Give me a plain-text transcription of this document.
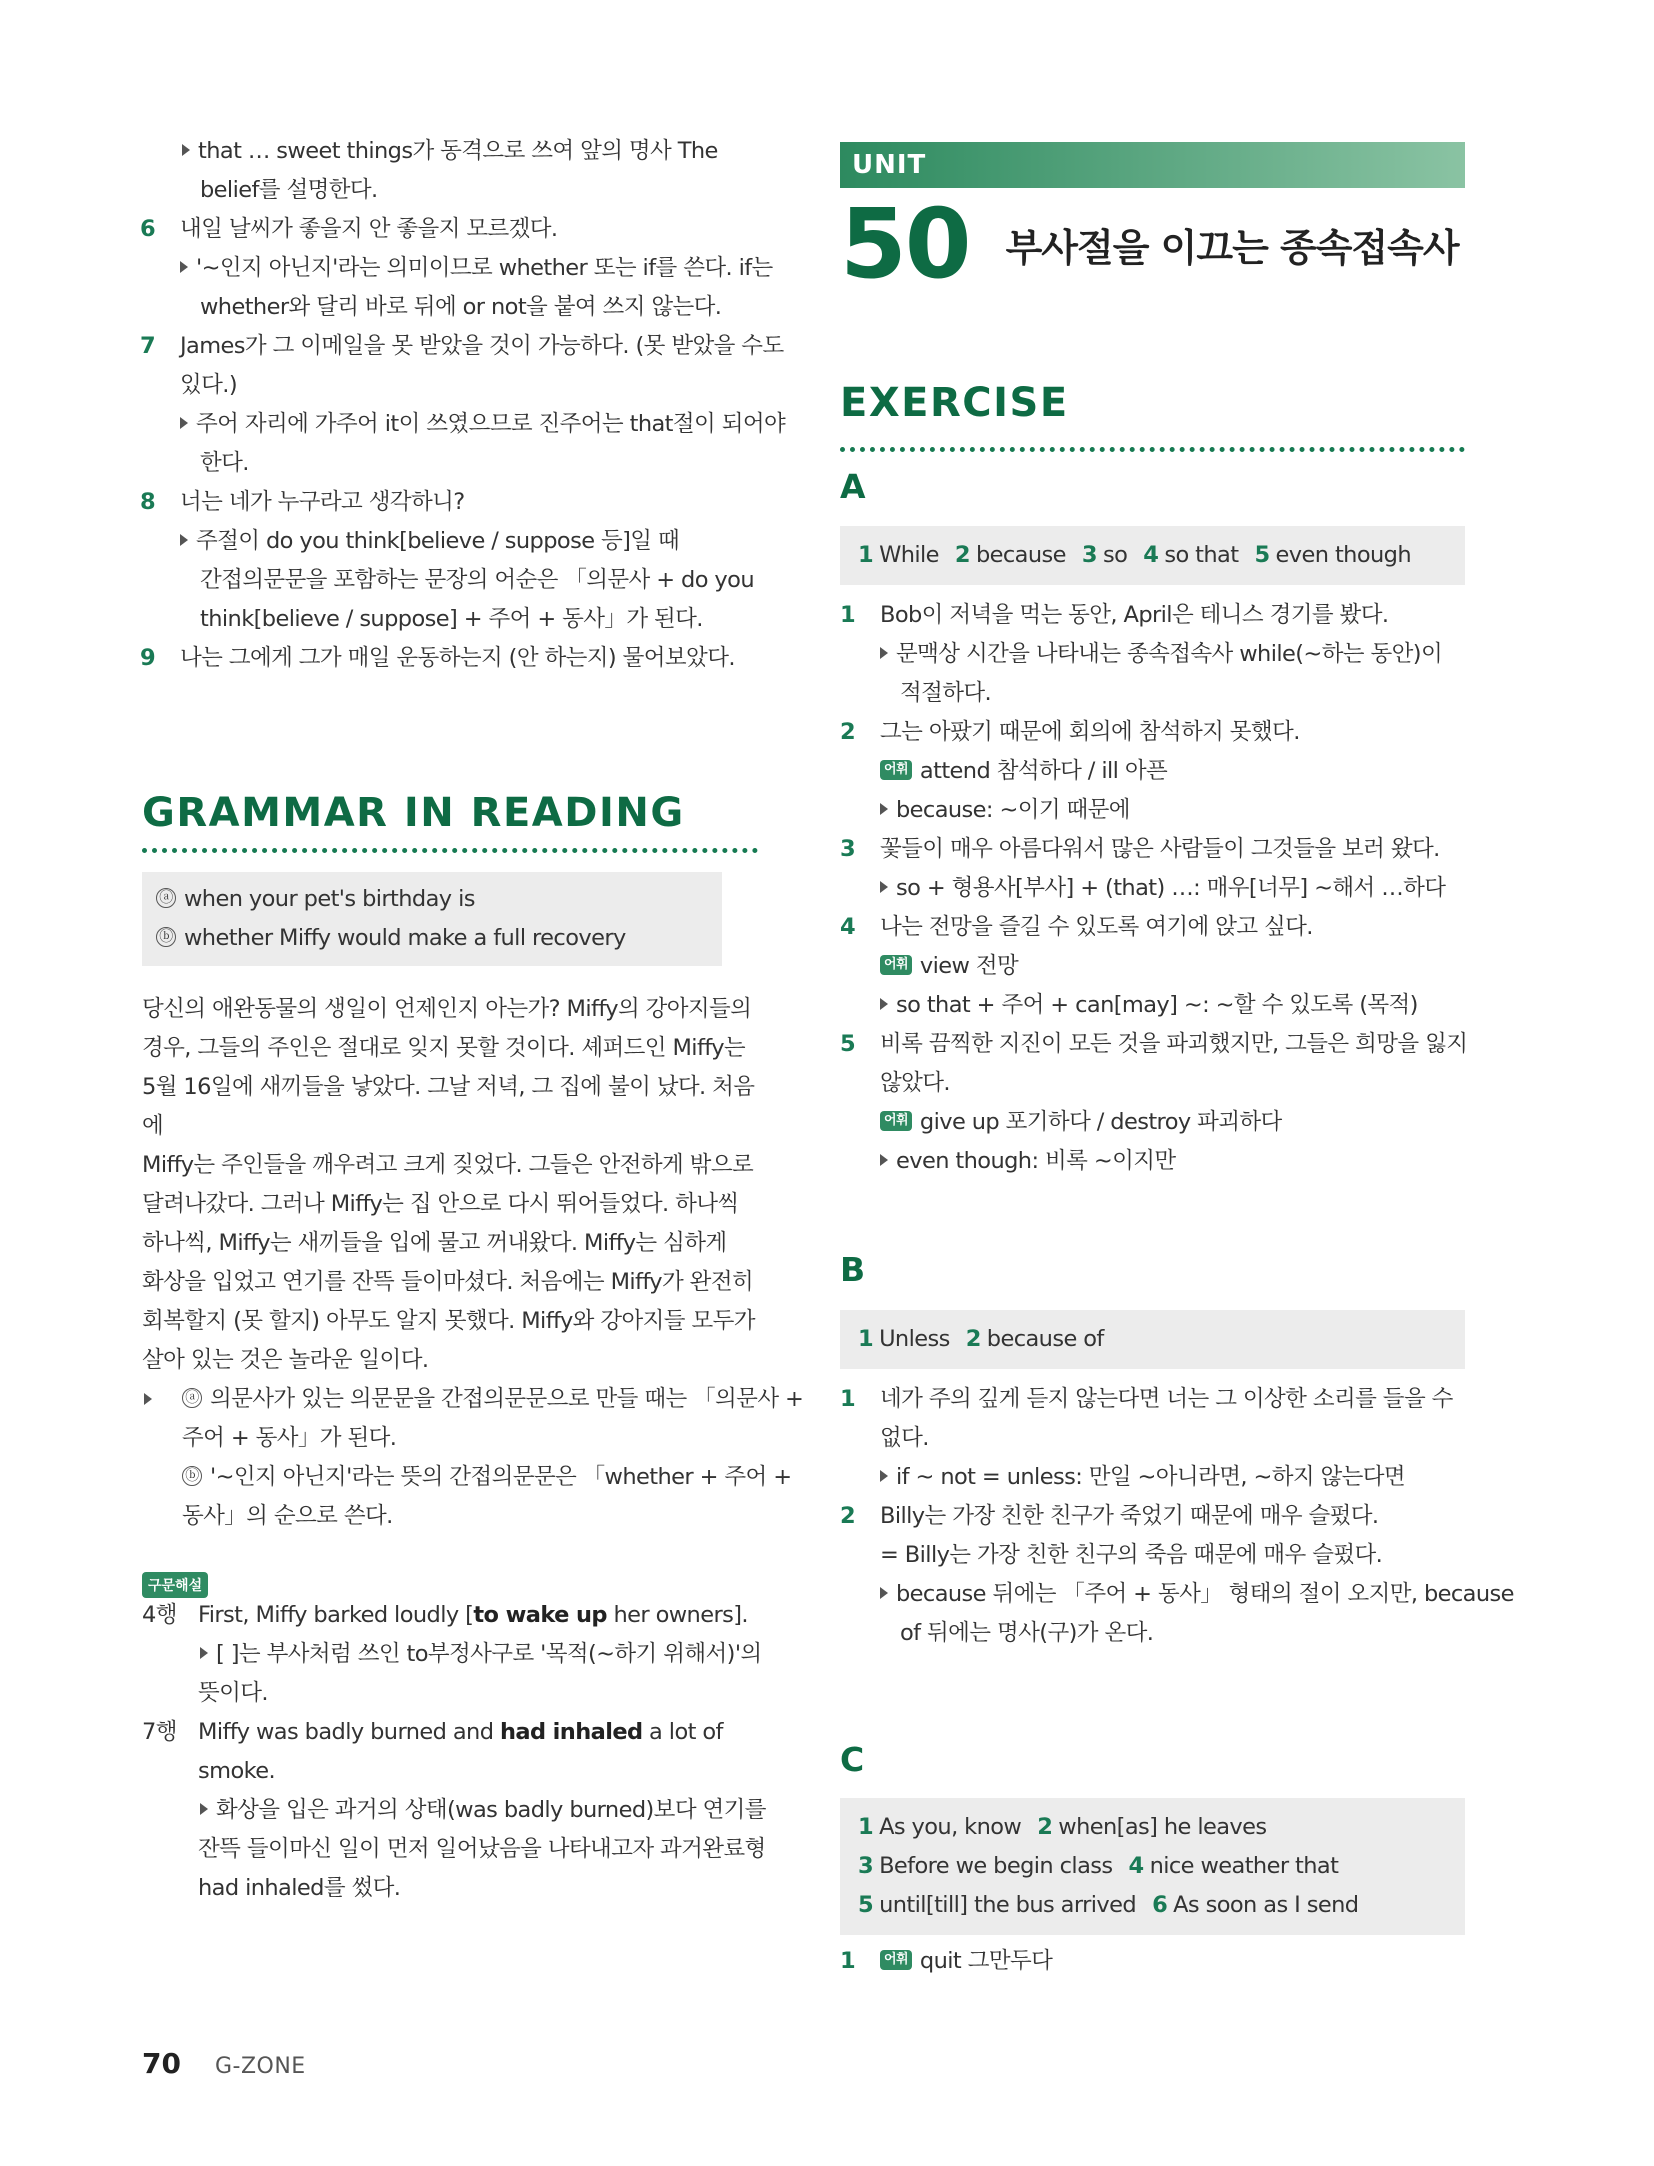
that … sweet things가 동격으로 쓰여 앞의 명사 The
belief를 설명한다.
6	내일 날씨가 좋을지 안 좋을지 모르겠다.
'~인지 아닌지'라는 의미이므로 whether 또는 if를 쓴다. if는
whether와 달리 바로 뒤에 or not을 붙여 쓰지 않는다.
7	James가 그 이메일을 못 받았을 것이 가능하다. (못 받았을 수도
있다.)
주어 자리에 가주어 it이 쓰였으므로 진주어는 that절이 되어야
한다.
8	너는 네가 누구라고 생각하니?
주절이 do you think[believe / suppose 등]일 때
간접의문문을 포함하는 문장의 어순은 「의문사 + do you
think[believe / suppose] + 주어 + 동사」가 된다.
9	나는 그에게 그가 매일 운동하는지 (안 하는지) 물어보았다.
GRAMMAR IN READING
ⓐ when your pet's birthday is
ⓑ whether Miffy would make a full recovery
당신의 애완동물의 생일이 언제인지 아는가? Miffy의 강아지들의
경우, 그들의 주인은 절대로 잊지 못할 것이다. 셰퍼드인 Miffy는
5월 16일에 새끼들을 낳았다. 그날 저녁, 그 집에 불이 났다. 처음에
Miffy는 주인들을 깨우려고 크게 짖었다. 그들은 안전하게 밖으로
달려나갔다. 그러나 Miffy는 집 안으로 다시 뛰어들었다. 하나씩
하나씩, Miffy는 새끼들을 입에 물고 꺼내왔다. Miffy는 심하게
화상을 입었고 연기를 잔뜩 들이마셨다. 처음에는 Miffy가 완전히
회복할지 (못 할지) 아무도 알지 못했다. Miffy와 강아지들 모두가
살아 있는 것은 놀라운 일이다.
ⓐ 의문사가 있는 의문문을 간접의문문으로 만들 때는 「의문사 +
주어 + 동사」가 된다.
ⓑ '~인지 아닌지'라는 뜻의 간접의문문은 「whether + 주어 +
동사」의 순으로 쓴다.
구문해설
4행 First, Miffy barked loudly [to wake up her owners].
[ ]는 부사처럼 쓰인 to부정사구로 '목적(~하기 위해서)'의
뜻이다.
7행 Miffy was badly burned and had inhaled a lot of
smoke.
화상을 입은 과거의 상태(was badly burned)보다 연기를
잔뜩 들이마신 일이 먼저 일어났음을 나타내고자 과거완료형
had inhaled를 썼다.
UNIT
50 부사절을 이끄는 종속접속사
EXERCISE
A
1 While 2 because 3 so 4 so that 5 even though
1	Bob이 저녁을 먹는 동안, April은 테니스 경기를 봤다.
문맥상 시간을 나타내는 종속접속사 while(~하는 동안)이
적절하다.
2	그는 아팠기 때문에 회의에 참석하지 못했다.
어휘 attend 참석하다 / ill 아픈
because: ~이기 때문에
3	꽃들이 매우 아름다워서 많은 사람들이 그것들을 보러 왔다.
so + 형용사[부사] + (that) …: 매우[너무] ~해서 …하다
4	나는 전망을 즐길 수 있도록 여기에 앉고 싶다.
어휘 view 전망
so that + 주어 + can[may] ~: ~할 수 있도록 (목적)
5	비록 끔찍한 지진이 모든 것을 파괴했지만, 그들은 희망을 잃지
않았다.
어휘 give up 포기하다 / destroy 파괴하다
even though: 비록 ~이지만
B
1 Unless 2 because of
1	네가 주의 깊게 듣지 않는다면 너는 그 이상한 소리를 들을 수
없다.
if ~ not = unless: 만일 ~아니라면, ~하지 않는다면
2	Billy는 가장 친한 친구가 죽었기 때문에 매우 슬펐다.
= Billy는 가장 친한 친구의 죽음 때문에 매우 슬펐다.
because 뒤에는 「주어 + 동사」 형태의 절이 오지만, because
of 뒤에는 명사(구)가 온다.
C
1 As you, know 2 when[as] he leaves
3 Before we begin class 4 nice weather that
5 until[till] the bus arrived 6 As soon as I send
1	어휘 quit 그만두다
70 G-ZONE
